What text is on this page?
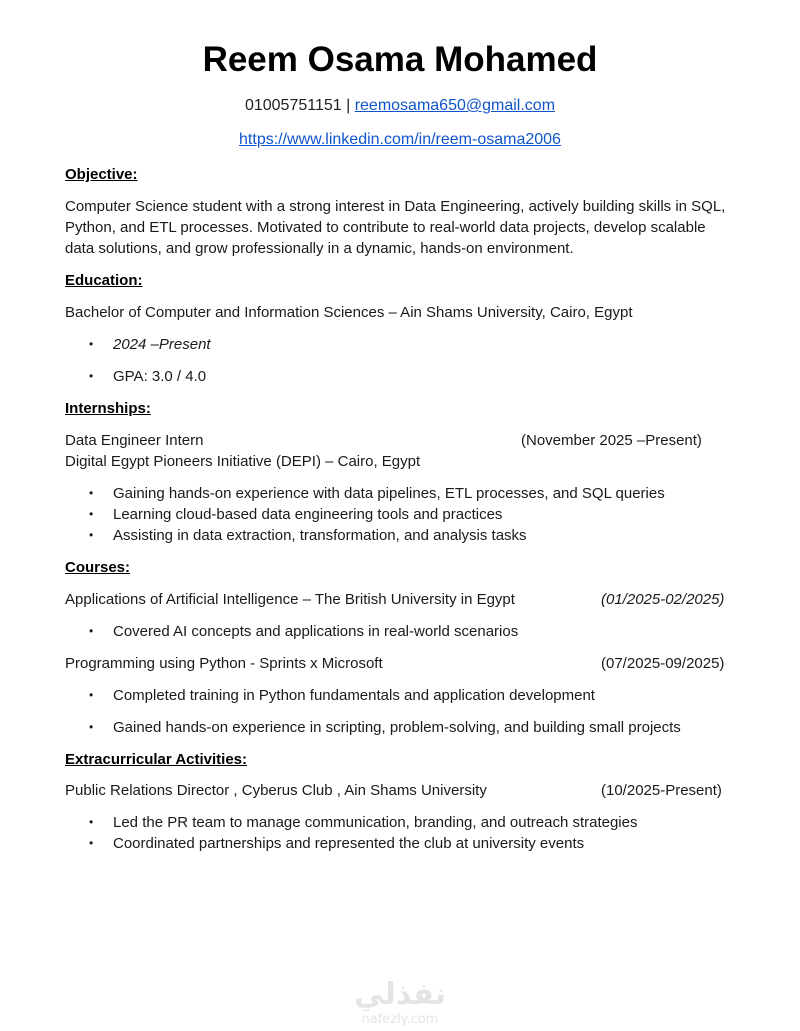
Reem Osama Mohamed
01005751151 | reemosama650@gmail.com
https://www.linkedin.com/in/reem-osama2006
Objective:
Computer Science student with a strong interest in Data Engineering, actively building skills in SQL, Python, and ETL processes. Motivated to contribute to real-world data projects, develop scalable data solutions, and grow professionally in a dynamic, hands-on environment.
Education:
Bachelor of Computer and Information Sciences – Ain Shams University, Cairo, Egypt
• 2024 –Present
• GPA: 3.0 / 4.0
Internships:
Data Engineer Intern	(November 2025 –Present)
Digital Egypt Pioneers Initiative (DEPI) – Cairo, Egypt
• Gaining hands-on experience with data pipelines, ETL processes, and SQL queries
• Learning cloud-based data engineering tools and practices
• Assisting in data extraction, transformation, and analysis tasks
Courses:
Applications of Artificial Intelligence – The British University in Egypt	(01/2025-02/2025)
• Covered AI concepts and applications in real-world scenarios
Programming using Python - Sprints x Microsoft	(07/2025-09/2025)
• Completed training in Python fundamentals and application development
• Gained hands-on experience in scripting, problem-solving, and building small projects
Extracurricular Activities:
Public Relations Director , Cyberus Club , Ain Shams University	(10/2025-Present)
• Led the PR team to manage communication, branding, and outreach strategies
• Coordinated partnerships and represented the club at university events
نفذلي
nafezly.com
